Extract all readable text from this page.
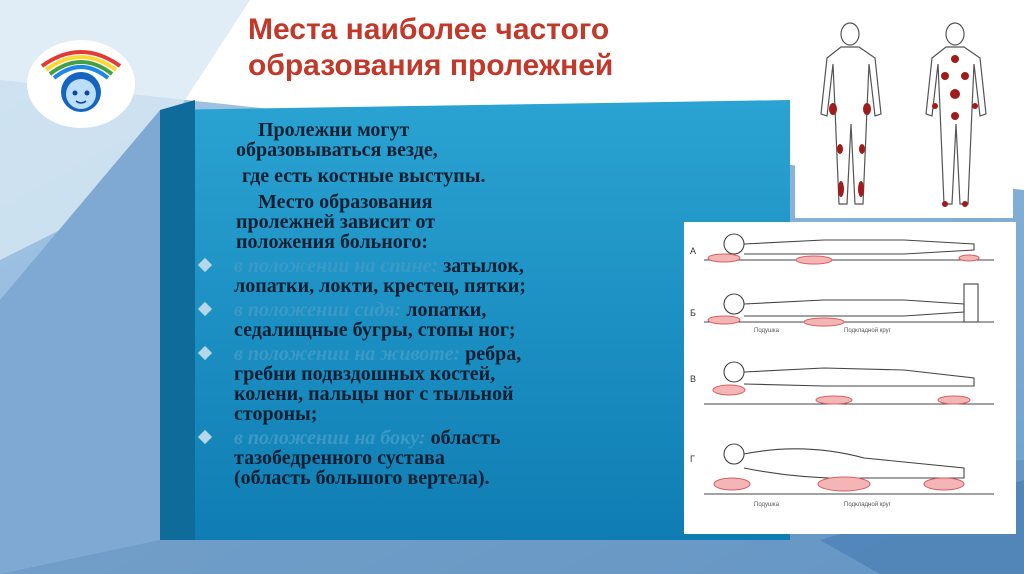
Места наиболее частого
образования пролежней
Пролежни могут
образовываться везде,
где есть костные выступы.
Место образования
пролежней зависит от
положения больного:
в положении на спине: затылок,
лопатки, локти, крестец, пятки;
в положении сидя: лопатки,
седалищные бугры, стопы ног;
в положении на животе: ребра,
гребни подвздошных костей,
колени, пальцы ног с тыльной
стороны;
в положении на боку: область
тазобедренного сустава
(область большого вертела).
А
Б
В
Г
Подушка	Подкладной круг
Подушка	Подкладной круг
